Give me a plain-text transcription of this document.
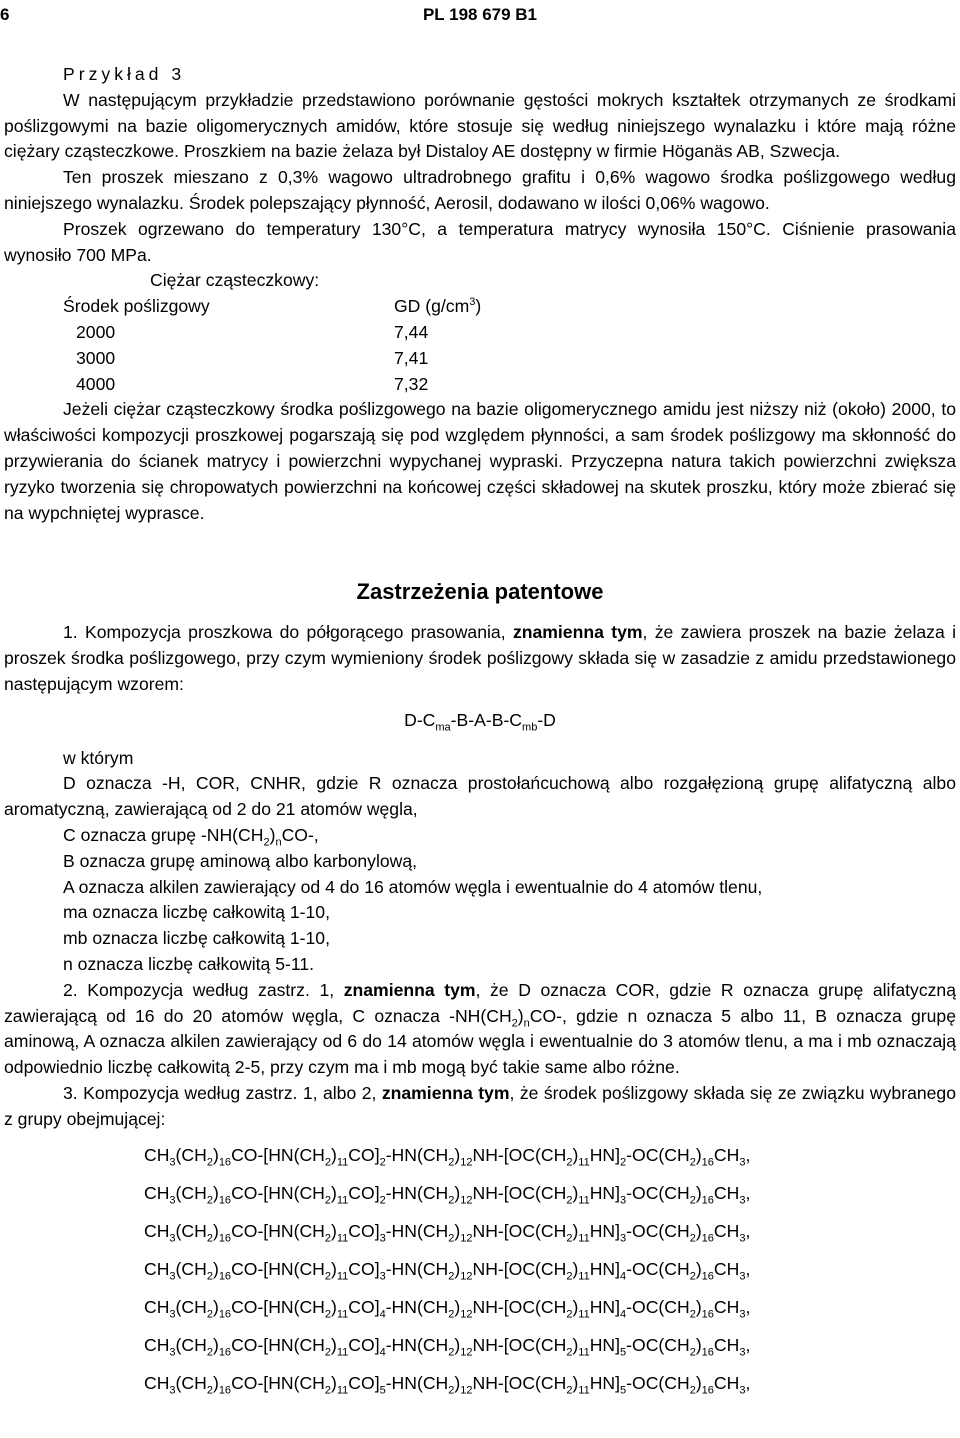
6	PL 198 679 B1

Przykład 3

W następującym przykładzie przedstawiono porównanie gęstości mokrych kształtek otrzymanych ze środkami poślizgowymi na bazie oligomerycznych amidów, które stosuje się według niniejszego wynalazku i które mają różne ciężary cząsteczkowe. Proszkiem na bazie żelaza był Distaloy AE dostępny w firmie Höganäs AB, Szwecja.

Ten proszek mieszano z 0,3% wagowo ultradrobnego grafitu i 0,6% wagowo środka poślizgowego według niniejszego wynalazku. Środek polepszający płynność, Aerosil, dodawano w ilości 0,06% wagowo.

Proszek ogrzewano do temperatury 130°C, a temperatura matrycy wynosiła 150°C. Ciśnienie prasowania wynosiło 700 MPa.

Ciężar cząsteczkowy:
Środek poślizgowy	GD $(g/cm^3)$
2000	7,44
3000	7,41
4000	7,32

Jeżeli ciężar cząsteczkowy środka poślizgowego na bazie oligomerycznego amidu jest niższy niż (około) 2000, to właściwości kompozycji proszkowej pogarszają się pod względem płynności, a sam środek poślizgowy ma skłonność do przywierania do ścianek matrycy i powierzchni wypychanej wypraski. Przyczepna natura takich powierzchni zwiększa ryzyko tworzenia się chropowatych powierzchni na końcowej części składowej na skutek proszku, który może zbierać się na wypchniętej wyprasce.

Zastrzeżenia patentowe

1. Kompozycja proszkowa do półgorącego prasowania, znamienna tym, że zawiera proszek na bazie żelaza i proszek środka poślizgowego, przy czym wymieniony środek poślizgowy składa się w zasadzie z amidu przedstawionego następującym wzorem:

$D-C_{ma}-B-A-B-C_{mb}-D$

w którym

D oznacza -H, COR, CNHR, gdzie R oznacza prostołańcuchową albo rozgałęzioną grupę alifatyczną albo aromatyczną, zawierającą od 2 do 21 atomów węgla,

C oznacza grupę $-NH(CH_2)_nCO-$,

B oznacza grupę aminową albo karbonylową,

A oznacza alkilen zawierający od 4 do 16 atomów węgla i ewentualnie do 4 atomów tlenu,

ma oznacza liczbę całkowitą 1-10,

mb oznacza liczbę całkowitą 1-10,

n oznacza liczbę całkowitą 5-11.

2. Kompozycja według zastrz. 1, znamienna tym, że D oznacza COR, gdzie R oznacza grupę alifatyczną zawierającą od 16 do 20 atomów węgla, C oznacza $-NH(CH_2)_nCO-$, gdzie n oznacza 5 albo 11, B oznacza grupę aminową, A oznacza alkilen zawierający od 6 do 14 atomów węgla i ewentualnie do 3 atomów tlenu, a ma i mb oznaczają odpowiednio liczbę całkowitą 2-5, przy czym ma i mb mogą być takie same albo różne.

3. Kompozycja według zastrz. 1, albo 2, znamienna tym, że środek poślizgowy składa się ze związku wybranego z grupy obejmującej:

$CH_3(CH_2)_{16}CO-[HN(CH_2)_{11}CO]_2-HN(CH_2)_{12}NH-[OC(CH_2)_{11}HN]_2-OC(CH_2)_{16}CH_3$,
$CH_3(CH_2)_{16}CO-[HN(CH_2)_{11}CO]_2-HN(CH_2)_{12}NH-[OC(CH_2)_{11}HN]_3-OC(CH_2)_{16}CH_3$,
$CH_3(CH_2)_{16}CO-[HN(CH_2)_{11}CO]_3-HN(CH_2)_{12}NH-[OC(CH_2)_{11}HN]_3-OC(CH_2)_{16}CH_3$,
$CH_3(CH_2)_{16}CO-[HN(CH_2)_{11}CO]_3-HN(CH_2)_{12}NH-[OC(CH_2)_{11}HN]_4-OC(CH_2)_{16}CH_3$,
$CH_3(CH_2)_{16}CO-[HN(CH_2)_{11}CO]_4-HN(CH_2)_{12}NH-[OC(CH_2)_{11}HN]_4-OC(CH_2)_{16}CH_3$,
$CH_3(CH_2)_{16}CO-[HN(CH_2)_{11}CO]_4-HN(CH_2)_{12}NH-[OC(CH_2)_{11}HN]_5-OC(CH_2)_{16}CH_3$,
$CH_3(CH_2)_{16}CO-[HN(CH_2)_{11}CO]_5-HN(CH_2)_{12}NH-[OC(CH_2)_{11}HN]_5-OC(CH_2)_{16}CH_3$,
